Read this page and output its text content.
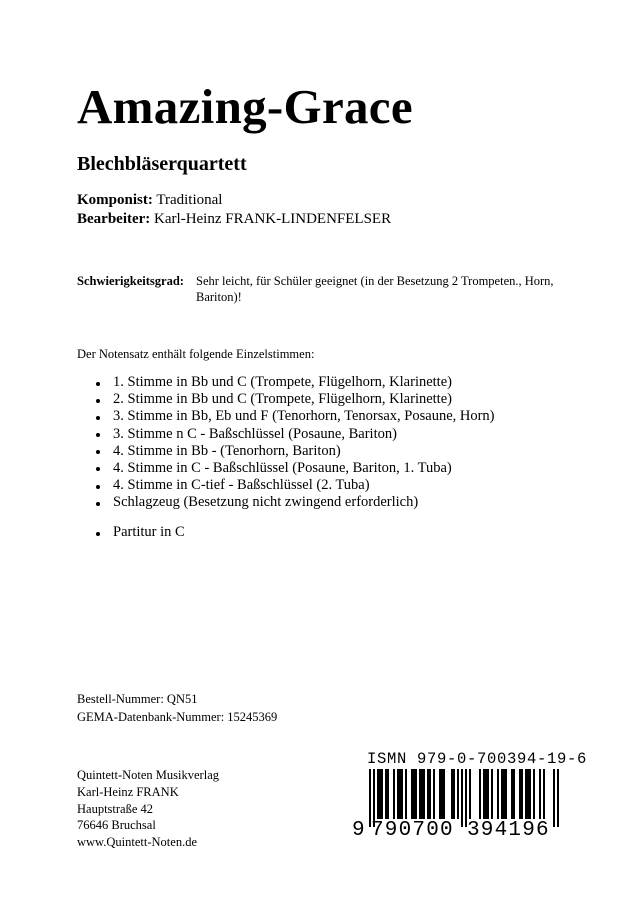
Amazing-Grace
Blechbläserquartett
Komponist: Traditional
Bearbeiter: Karl-Heinz FRANK-LINDENFELSER
Schwierigkeitsgrad: Sehr leicht, für Schüler geeignet (in der Besetzung 2 Trompeten., Horn, Bariton)!
Der Notensatz enthält folgende Einzelstimmen:
1. Stimme in Bb und C (Trompete, Flügelhorn, Klarinette)
2. Stimme in Bb und C (Trompete, Flügelhorn, Klarinette)
3. Stimme in Bb, Eb und F (Tenorhorn, Tenorsax, Posaune, Horn)
3. Stimme n C - Baßschlüssel (Posaune, Bariton)
4. Stimme in Bb - (Tenorhorn, Bariton)
4. Stimme in C - Baßschlüssel (Posaune, Bariton, 1. Tuba)
4. Stimme in C-tief - Baßschlüssel (2. Tuba)
Schlagzeug (Besetzung nicht zwingend erforderlich)
Partitur in C
Bestell-Nummer: QN51
GEMA-Datenbank-Nummer: 15245369
Quintett-Noten Musikverlag
Karl-Heinz FRANK
Hauptstraße 42
76646 Bruchsal
www.Quintett-Noten.de
ISMN 979-0-700394-19-6
9 790700 394196
